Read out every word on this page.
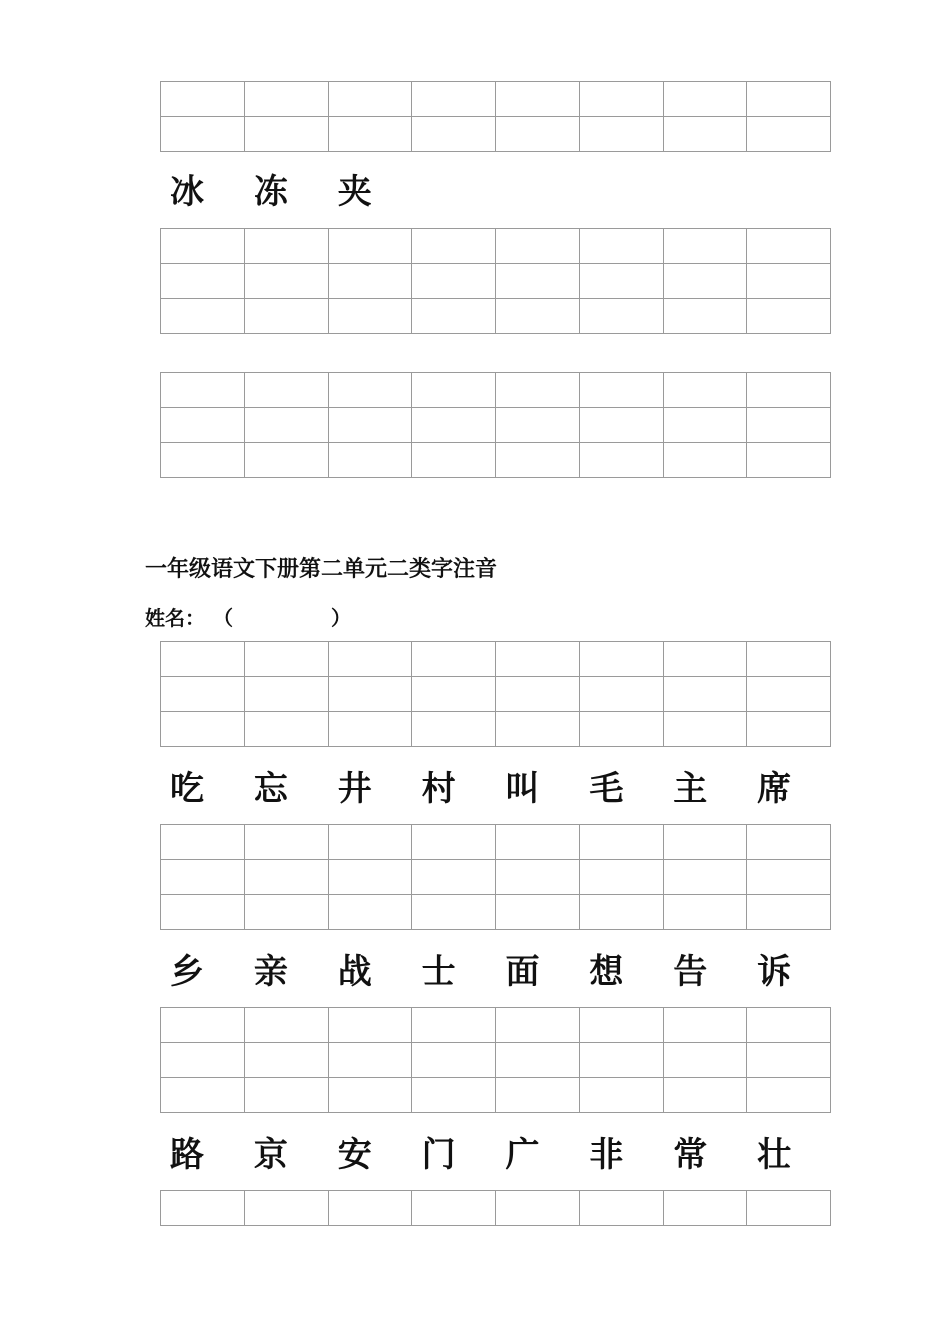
冰	冻	夹
一年级语文下册第二单元二类字注音
姓名： （	）
吃	忘	井	村	叫	毛	主	席
乡	亲	战	士	面	想	告	诉
路	京	安	门	广	非	常	壮
